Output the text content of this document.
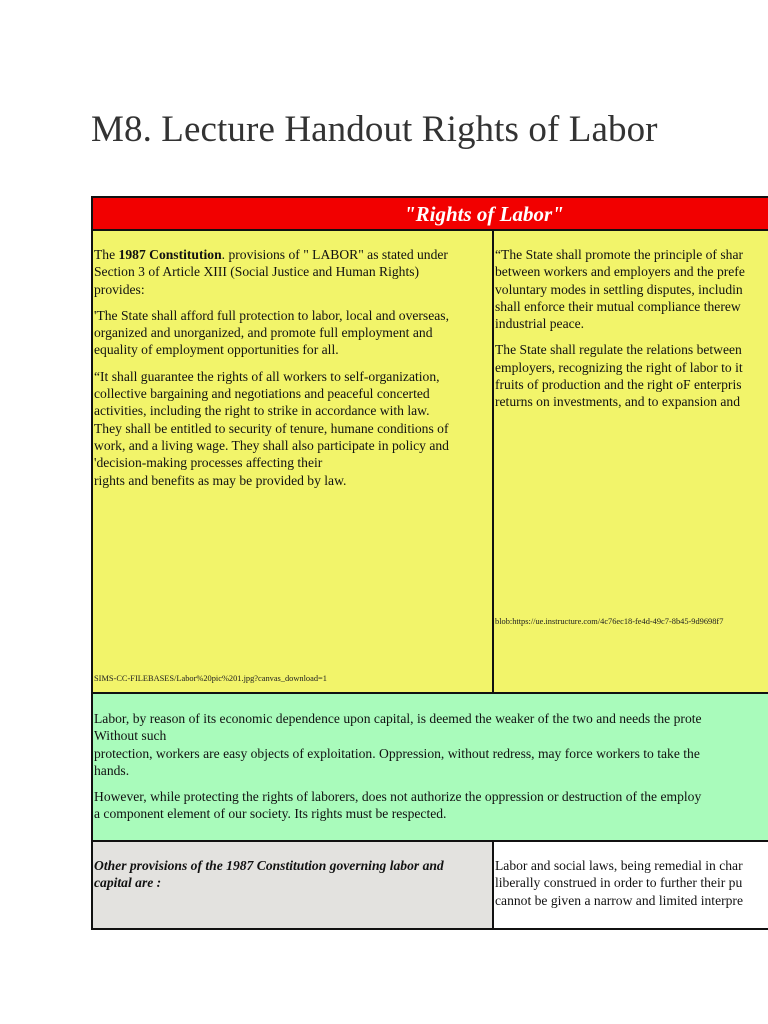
M8. Lecture Handout Rights of Labor
"Rights of Labor"
The 1987 Constitution. provisions of " LABOR" as stated under
Section 3 of Article XIII (Social Justice and Human Rights)
provides:
'The State shall afford full protection to labor, local and overseas,
organized and unorganized, and promote full employment and
equality of employment opportunities for all.
“It shall guarantee the rights of all workers to self-organization,
collective bargaining and negotiations and peaceful concerted
activities, including the right to strike in accordance with law.
They shall be entitled to security of tenure, humane conditions of
work, and a living wage. They shall also participate in policy and
'decision-making processes affecting their
rights and benefits as may be provided by law.
SIMS-CC-FILEBASES/Labor%20pic%201.jpg?canvas_download=1
“The State shall promote the principle of shar
between workers and employers and the prefe
voluntary modes in settling disputes, includin
shall enforce their mutual compliance therew
industrial peace.
The State shall regulate the relations between
employers, recognizing the right of labor to it
fruits of production and the right oF enterpris
returns on investments, and to expansion and
blob:https://ue.instructure.com/4c76ec18-fe4d-49c7-8b45-9d9698f7
Labor, by reason of its economic dependence upon capital, is deemed the weaker of the two and needs the prote
Without such
protection, workers are easy objects of exploitation. Oppression, without redress, may force workers to take the
hands.
However, while protecting the rights of laborers, does not authorize the oppression or destruction of the employ
a component element of our society. Its rights must be respected.
Other provisions of the 1987 Constitution governing labor and
capital are :
Labor and social laws, being remedial in char
liberally construed in order to further their pu
cannot be given a narrow and limited interpre
